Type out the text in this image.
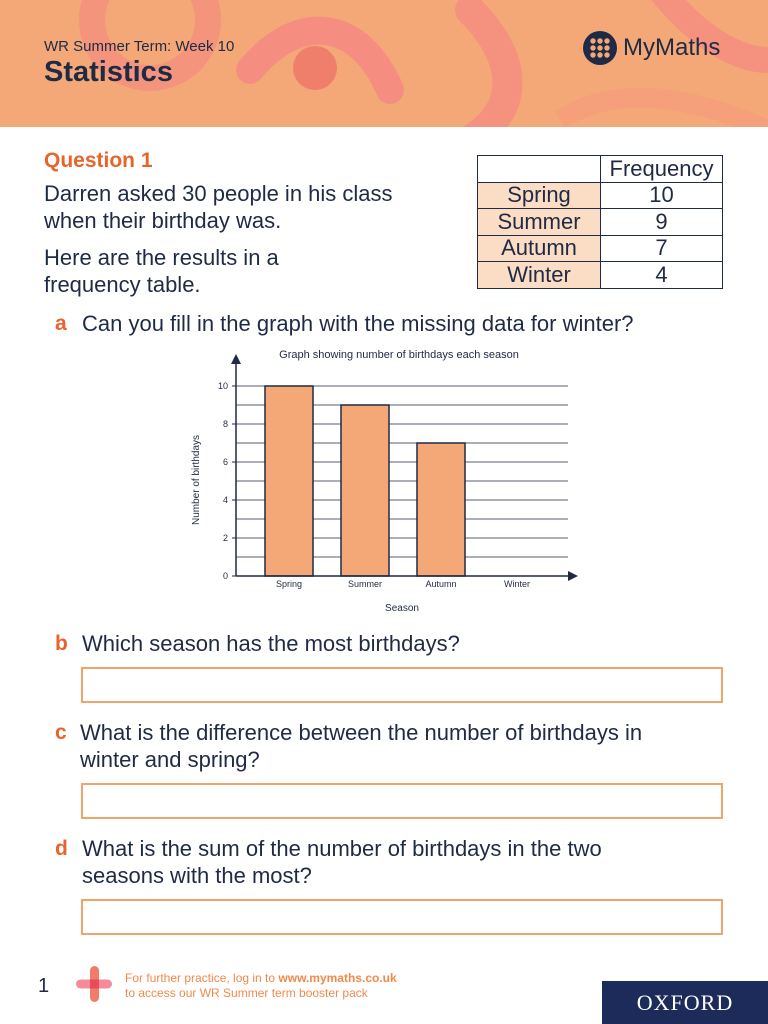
WR Summer Term: Week 10
Statistics
MyMaths
Question 1
Darren asked 30 people in his class
when their birthday was.
Here are the results in a
frequency table.
	Frequency
Spring	10
Summer	9
Autumn	7
Winter	4
a Can you fill in the graph with the missing data for winter?
Graph showing number of birthdays each season
0
2
4
6
8
10
Spring	Summer	Autumn	Winter
Season
Number of birthdays
b Which season has the most birthdays?
c What is the difference between the number of birthdays in
winter and spring?
d What is the sum of the number of birthdays in the two
seasons with the most?
1	For further practice, log in to www.mymaths.co.uk
to access our WR Summer term booster pack	OXFORD
